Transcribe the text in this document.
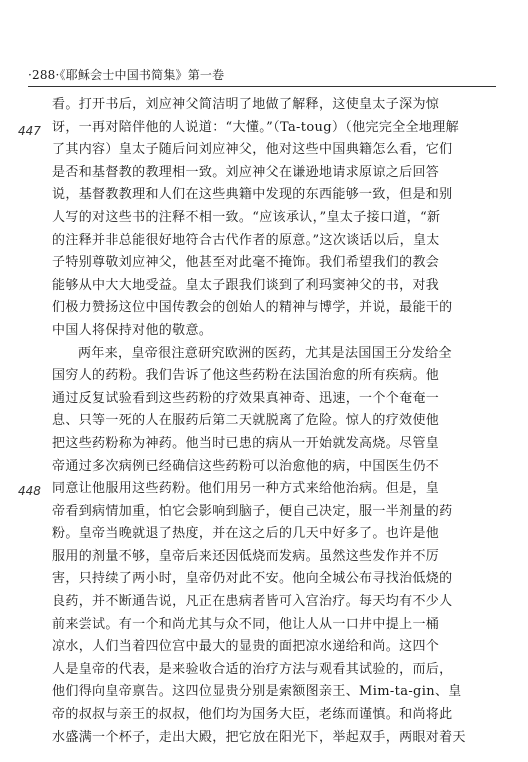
·288·《耶稣会士中国书简集》第一卷
447
448
看。打开书后，刘应神父简洁明了地做了解释，这使皇太子深为惊
讶，一再对陪伴他的人说道：“大懂。”（Ta-toug）（他完完全全地理解
了其内容）皇太子随后问刘应神父，他对这些中国典籍怎么看，它们
是否和基督教的教理相一致。刘应神父在谦逊地请求原谅之后回答
说，基督教教理和人们在这些典籍中发现的东西能够一致，但是和别
人写的对这些书的注释不相一致。“应该承认，”皇太子接口道，“新
的注释并非总能很好地符合古代作者的原意。”这次谈话以后，皇太
子特别尊敬刘应神父，他甚至对此毫不掩饰。我们希望我们的教会
能够从中大大地受益。皇太子跟我们谈到了利玛窦神父的书，对我
们极力赞扬这位中国传教会的创始人的精神与博学，并说，最能干的
中国人将保持对他的敬意。
两年来，皇帝很注意研究欧洲的医药，尤其是法国国王分发给全
国穷人的药粉。我们告诉了他这些药粉在法国治愈的所有疾病。他
通过反复试验看到这些药粉的疗效果真神奇、迅速，一个个奄奄一
息、只等一死的人在服药后第二天就脱离了危险。惊人的疗效使他
把这些药粉称为神药。他当时已患的病从一开始就发高烧。尽管皇
帝通过多次病例已经确信这些药粉可以治愈他的病，中国医生仍不
同意让他服用这些药粉。他们用另一种方式来给他治病。但是，皇
帝看到病情加重，怕它会影响到脑子，便自己决定，服一半剂量的药
粉。皇帝当晚就退了热度，并在这之后的几天中好多了。也许是他
服用的剂量不够，皇帝后来还因低烧而发病。虽然这些发作并不厉
害，只持续了两小时，皇帝仍对此不安。他向全城公布寻找治低烧的
良药，并不断通告说，凡正在患病者皆可入宫治疗。每天均有不少人
前来尝试。有一个和尚尤其与众不同，他让人从一口井中提上一桶
凉水，人们当着四位宫中最大的显贵的面把凉水递给和尚。这四个
人是皇帝的代表，是来验收合适的治疗方法与观看其试验的，而后，
他们得向皇帝禀告。这四位显贵分别是索额图亲王、Mim-ta-gin、皇
帝的叔叔与亲王的叔叔，他们均为国务大臣，老练而谨慎。和尚将此
水盛满一个杯子，走出大殿，把它放在阳光下，举起双手，两眼对着天
